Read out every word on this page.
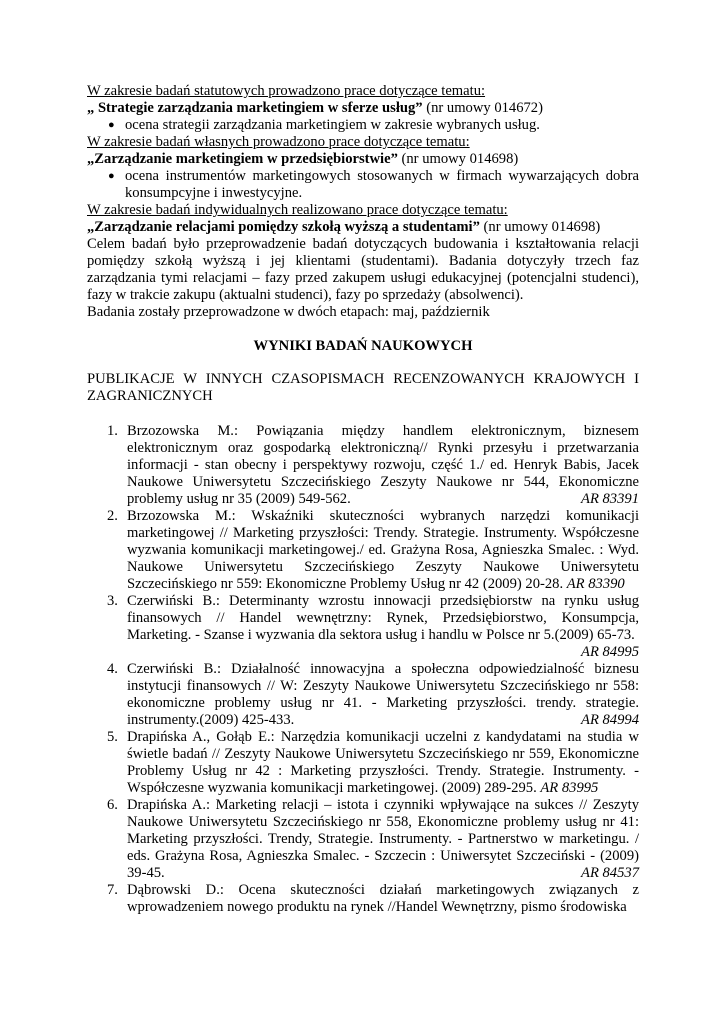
W zakresie badań statutowych prowadzono prace dotyczące tematu:

„ Strategie zarządzania marketingiem w sferze usług” (nr umowy 014672)

● ocena strategii zarządzania marketingiem w zakresie wybranych usług.

W zakresie badań własnych prowadzono prace dotyczące tematu:

„Zarządzanie marketingiem w przedsiębiorstwie” (nr umowy 014698)

● ocena instrumentów marketingowych stosowanych w firmach wywarzających dobra konsumpcyjne i inwestycyjne.

W zakresie badań indywidualnych realizowano prace dotyczące tematu:

„Zarządzanie relacjami pomiędzy szkołą wyższą a studentami” (nr umowy 014698)

Celem badań było przeprowadzenie badań dotyczących budowania i kształtowania relacji pomiędzy szkołą wyższą i jej klientami (studentami). Badania dotyczyły trzech faz zarządzania tymi relacjami – fazy przed zakupem usługi edukacyjnej (potencjalni studenci), fazy w trakcie zakupu (aktualni studenci), fazy po sprzedaży (absolwenci).

Badania zostały przeprowadzone w dwóch etapach: maj, październik

WYNIKI BADAŃ NAUKOWYCH

PUBLIKACJE W INNYCH CZASOPISMACH RECENZOWANYCH KRAJOWYCH I ZAGRANICZNYCH

1. Brzozowska M.: Powiązania między handlem elektronicznym, biznesem elektronicznym oraz gospodarką elektroniczną// Rynki przesyłu i przetwarzania informacji - stan obecny i perspektywy rozwoju, część 1./ ed. Henryk Babis, Jacek Naukowe Uniwersytetu Szczecińskiego Zeszyty Naukowe nr 544, Ekonomiczne problemy usług nr 35 (2009) 549-562.	AR 83391
2. Brzozowska M.: Wskaźniki skuteczności wybranych narzędzi komunikacji marketingowej // Marketing przyszłości: Trendy. Strategie. Instrumenty. Współczesne wyzwania komunikacji marketingowej./ ed. Grażyna Rosa, Agnieszka Smalec. : Wyd. Naukowe Uniwersytetu Szczecińskiego Zeszyty Naukowe Uniwersytetu Szczecińskiego nr 559: Ekonomiczne Problemy Usług nr 42 (2009) 20-28. AR 83390
3. Czerwiński B.: Determinanty wzrostu innowacji przedsiębiorstw na rynku usług finansowych // Handel wewnętrzny: Rynek, Przedsiębiorstwo, Konsumpcja, Marketing. - Szanse i wyzwania dla sektora usług i handlu w Polsce nr 5.(2009) 65-73.
AR 84995
4. Czerwiński B.: Działalność innowacyjna a społeczna odpowiedzialność biznesu instytucji finansowych // W: Zeszyty Naukowe Uniwersytetu Szczecińskiego nr 558: ekonomiczne problemy usług nr 41. - Marketing przyszłości. trendy. strategie. instrumenty.(2009) 425-433.	AR 84994
5. Drapińska A., Gołąb E.: Narzędzia komunikacji uczelni z kandydatami na studia w świetle badań // Zeszyty Naukowe Uniwersytetu Szczecińskiego nr 559, Ekonomiczne Problemy Usług nr 42 : Marketing przyszłości. Trendy. Strategie. Instrumenty. - Współczesne wyzwania komunikacji marketingowej. (2009) 289-295. AR 83995
6. Drapińska A.: Marketing relacji – istota i czynniki wpływające na sukces // Zeszyty Naukowe Uniwersytetu Szczecińskiego nr 558, Ekonomiczne problemy usług nr 41: Marketing przyszłości. Trendy, Strategie. Instrumenty. - Partnerstwo w marketingu. / eds. Grażyna Rosa, Agnieszka Smalec. - Szczecin : Uniwersytet Szczeciński - (2009) 39-45.	AR 84537
7. Dąbrowski D.: Ocena skuteczności działań marketingowych związanych z wprowadzeniem nowego produktu na rynek //Handel Wewnętrzny, pismo środowiska
